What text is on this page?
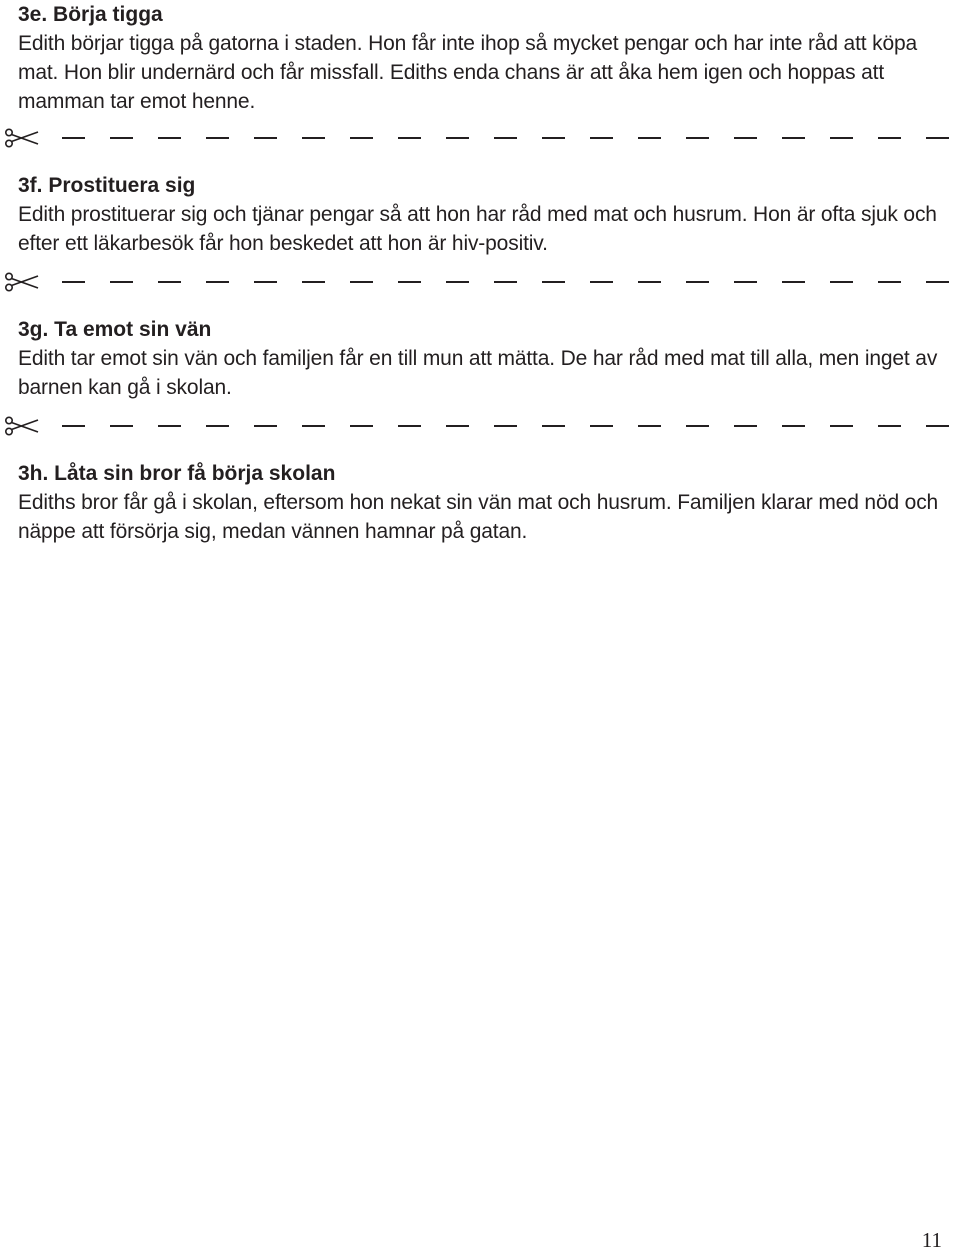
3e. Börja tigga

Edith börjar tigga på gatorna i staden. Hon får inte ihop så mycket pengar och har inte råd att köpa mat. Hon blir undernärd och får missfall. Ediths enda chans är att åka hem igen och hoppas att mamman tar emot henne.

3f. Prostituera sig

Edith prostituerar sig och tjänar pengar så att hon har råd med mat och husrum. Hon är ofta sjuk och efter ett läkarbesök får hon beskedet att hon är hiv-positiv.

3g. Ta emot sin vän

Edith tar emot sin vän och familjen får en till mun att mätta. De har råd med mat till alla, men inget av barnen kan gå i skolan.

3h. Låta sin bror få börja skolan

Ediths bror får gå i skolan, eftersom hon nekat sin vän mat och husrum. Familjen klarar med nöd och näppe att försörja sig, medan vännen hamnar på gatan.

11
